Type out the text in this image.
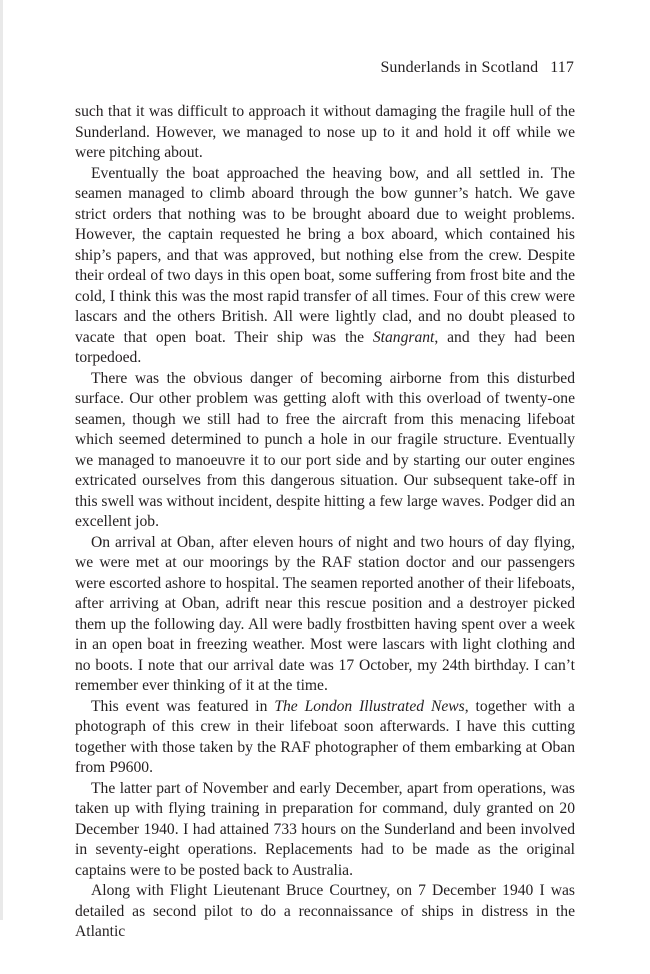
Sunderlands in Scotland 117

such that it was difficult to approach it without damaging the fragile hull of the Sunderland. However, we managed to nose up to it and hold it off while we were pitching about.

Eventually the boat approached the heaving bow, and all settled in. The seamen managed to climb aboard through the bow gunner’s hatch. We gave strict orders that nothing was to be brought aboard due to weight problems. However, the captain requested he bring a box aboard, which contained his ship’s papers, and that was approved, but nothing else from the crew. Despite their ordeal of two days in this open boat, some suffering from frost bite and the cold, I think this was the most rapid transfer of all times. Four of this crew were lascars and the others British. All were lightly clad, and no doubt pleased to vacate that open boat. Their ship was the Stangrant, and they had been torpedoed.

There was the obvious danger of becoming airborne from this disturbed surface. Our other problem was getting aloft with this overload of twenty-one seamen, though we still had to free the aircraft from this menacing lifeboat which seemed determined to punch a hole in our fragile structure. Eventually we managed to manoeuvre it to our port side and by starting our outer engines extricated ourselves from this dangerous situation. Our subsequent take-off in this swell was without incident, despite hitting a few large waves. Podger did an excellent job.

On arrival at Oban, after eleven hours of night and two hours of day flying, we were met at our moorings by the RAF station doctor and our passengers were escorted ashore to hospital. The seamen reported another of their lifeboats, after arriving at Oban, adrift near this rescue position and a destroyer picked them up the following day. All were badly frostbitten having spent over a week in an open boat in freezing weather. Most were lascars with light clothing and no boots. I note that our arrival date was 17 October, my 24th birthday. I can’t remember ever thinking of it at the time.

This event was featured in The London Illustrated News, together with a photograph of this crew in their lifeboat soon afterwards. I have this cutting together with those taken by the RAF photographer of them embarking at Oban from P9600.

The latter part of November and early December, apart from operations, was taken up with flying training in preparation for command, duly granted on 20 December 1940. I had attained 733 hours on the Sunderland and been involved in seventy-eight operations. Replacements had to be made as the original captains were to be posted back to Australia.

Along with Flight Lieutenant Bruce Courtney, on 7 December 1940 I was detailed as second pilot to do a reconnaissance of ships in distress in the Atlantic
